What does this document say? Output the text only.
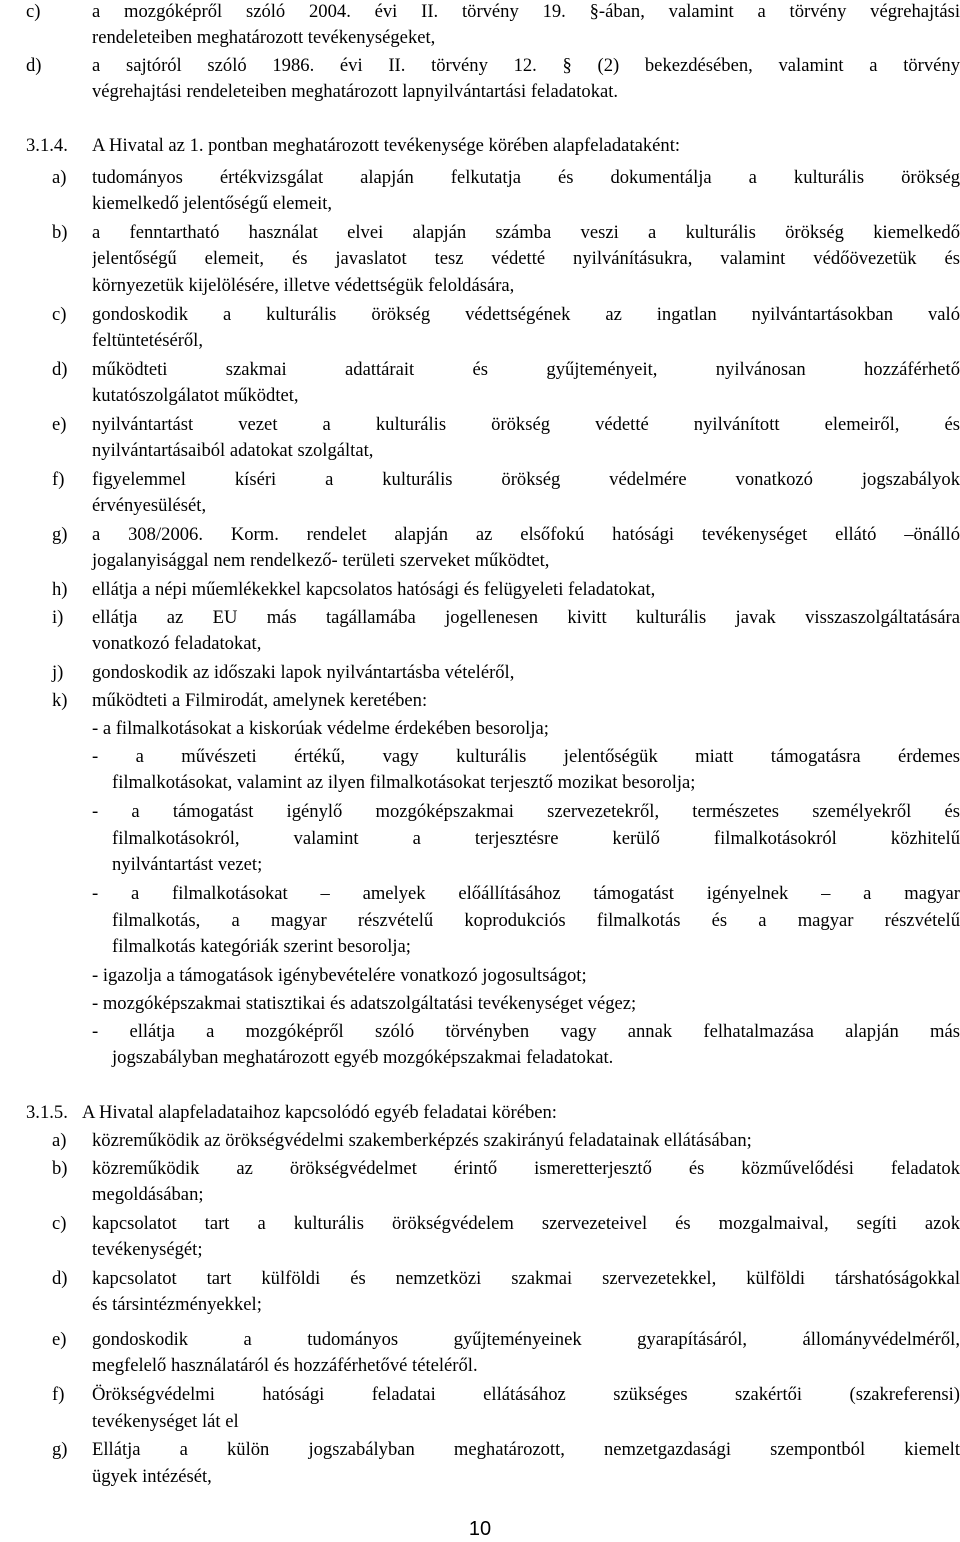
c)	a mozgóképről szóló 2004. évi II. törvény 19. §-ában, valamint a törvény végrehajtási
rendeleteiben meghatározott tevékenységeket,
d)	a sajtóról szóló 1986. évi II. törvény 12. § (2) bekezdésében, valamint a törvény
végrehajtási rendeleteiben meghatározott lapnyilvántartási feladatokat.
3.1.4. A Hivatal az 1. pontban meghatározott tevékenysége körében alapfeladataként:
a) tudományos értékvizsgálat alapján felkutatja és dokumentálja a kulturális örökség
kiemelkedő jelentőségű elemeit,
b) a fenntartható használat elvei alapján számba veszi a kulturális örökség kiemelkedő
jelentőségű elemeit, és javaslatot tesz védetté nyilvánításukra, valamint védőövezetük és
környezetük kijelölésére, illetve védettségük feloldására,
c) gondoskodik a kulturális örökség védettségének az ingatlan nyilvántartásokban való
feltüntetéséről,
d) működteti szakmai adattárait és gyűjteményeit, nyilvánosan hozzáférhető
kutatószolgálatot működtet,
e) nyilvántartást vezet a kulturális örökség védetté nyilvánított elemeiről, és
nyilvántartásaiból adatokat szolgáltat,
f) figyelemmel kíséri a kulturális örökség védelmére vonatkozó jogszabályok
érvényesülését,
g) a 308/2006. Korm. rendelet alapján az elsőfokú hatósági tevékenységet ellátó –önálló
jogalanyisággal nem rendelkező- területi szerveket működtet,
h) ellátja a népi műemlékekkel kapcsolatos hatósági és felügyeleti feladatokat,
i) ellátja az EU más tagállamába jogellenesen kivitt kulturális javak visszaszolgáltatására
vonatkozó feladatokat,
j) gondoskodik az időszaki lapok nyilvántartásba vételéről,
k) működteti a Filmirodát, amelynek keretében:
- a filmalkotásokat a kiskorúak védelme érdekében besorolja;
- a művészeti értékű, vagy kulturális jelentőségük miatt támogatásra érdemes
filmalkotásokat, valamint az ilyen filmalkotásokat terjesztő mozikat besorolja;
- a támogatást igénylő mozgóképszakmai szervezetekről, természetes személyekről és
filmalkotásokról, valamint a terjesztésre kerülő filmalkotásokról közhitelű
nyilvántartást vezet;
- a filmalkotásokat – amelyek előállításához támogatást igényelnek – a magyar
filmalkotás, a magyar részvételű koprodukciós filmalkotás és a magyar részvételű
filmalkotás kategóriák szerint besorolja;
- igazolja a támogatások igénybevételére vonatkozó jogosultságot;
- mozgóképszakmai statisztikai és adatszolgáltatási tevékenységet végez;
- ellátja a mozgóképről szóló törvényben vagy annak felhatalmazása alapján más
jogszabályban meghatározott egyéb mozgóképszakmai feladatokat.
3.1.5. A Hivatal alapfeladataihoz kapcsolódó egyéb feladatai körében:
a) közreműködik az örökségvédelmi szakemberképzés szakirányú feladatainak ellátásában;
b) közreműködik az örökségvédelmet érintő ismeretterjesztő és közművelődési feladatok
megoldásában;
c) kapcsolatot tart a kulturális örökségvédelem szervezeteivel és mozgalmaival, segíti azok
tevékenységét;
d) kapcsolatot tart külföldi és nemzetközi szakmai szervezetekkel, külföldi társhatóságokkal
és társintézményekkel;
e) gondoskodik a tudományos gyűjteményeinek gyarapításáról, állományvédelméről,
megfelelő használatáról és hozzáférhetővé tételéről.
f) Örökségvédelmi hatósági feladatai ellátásához szükséges szakértői (szakreferensi)
tevékenységet lát el
g) Ellátja a külön jogszabályban meghatározott, nemzetgazdasági szempontból kiemelt
ügyek intézését,
10
